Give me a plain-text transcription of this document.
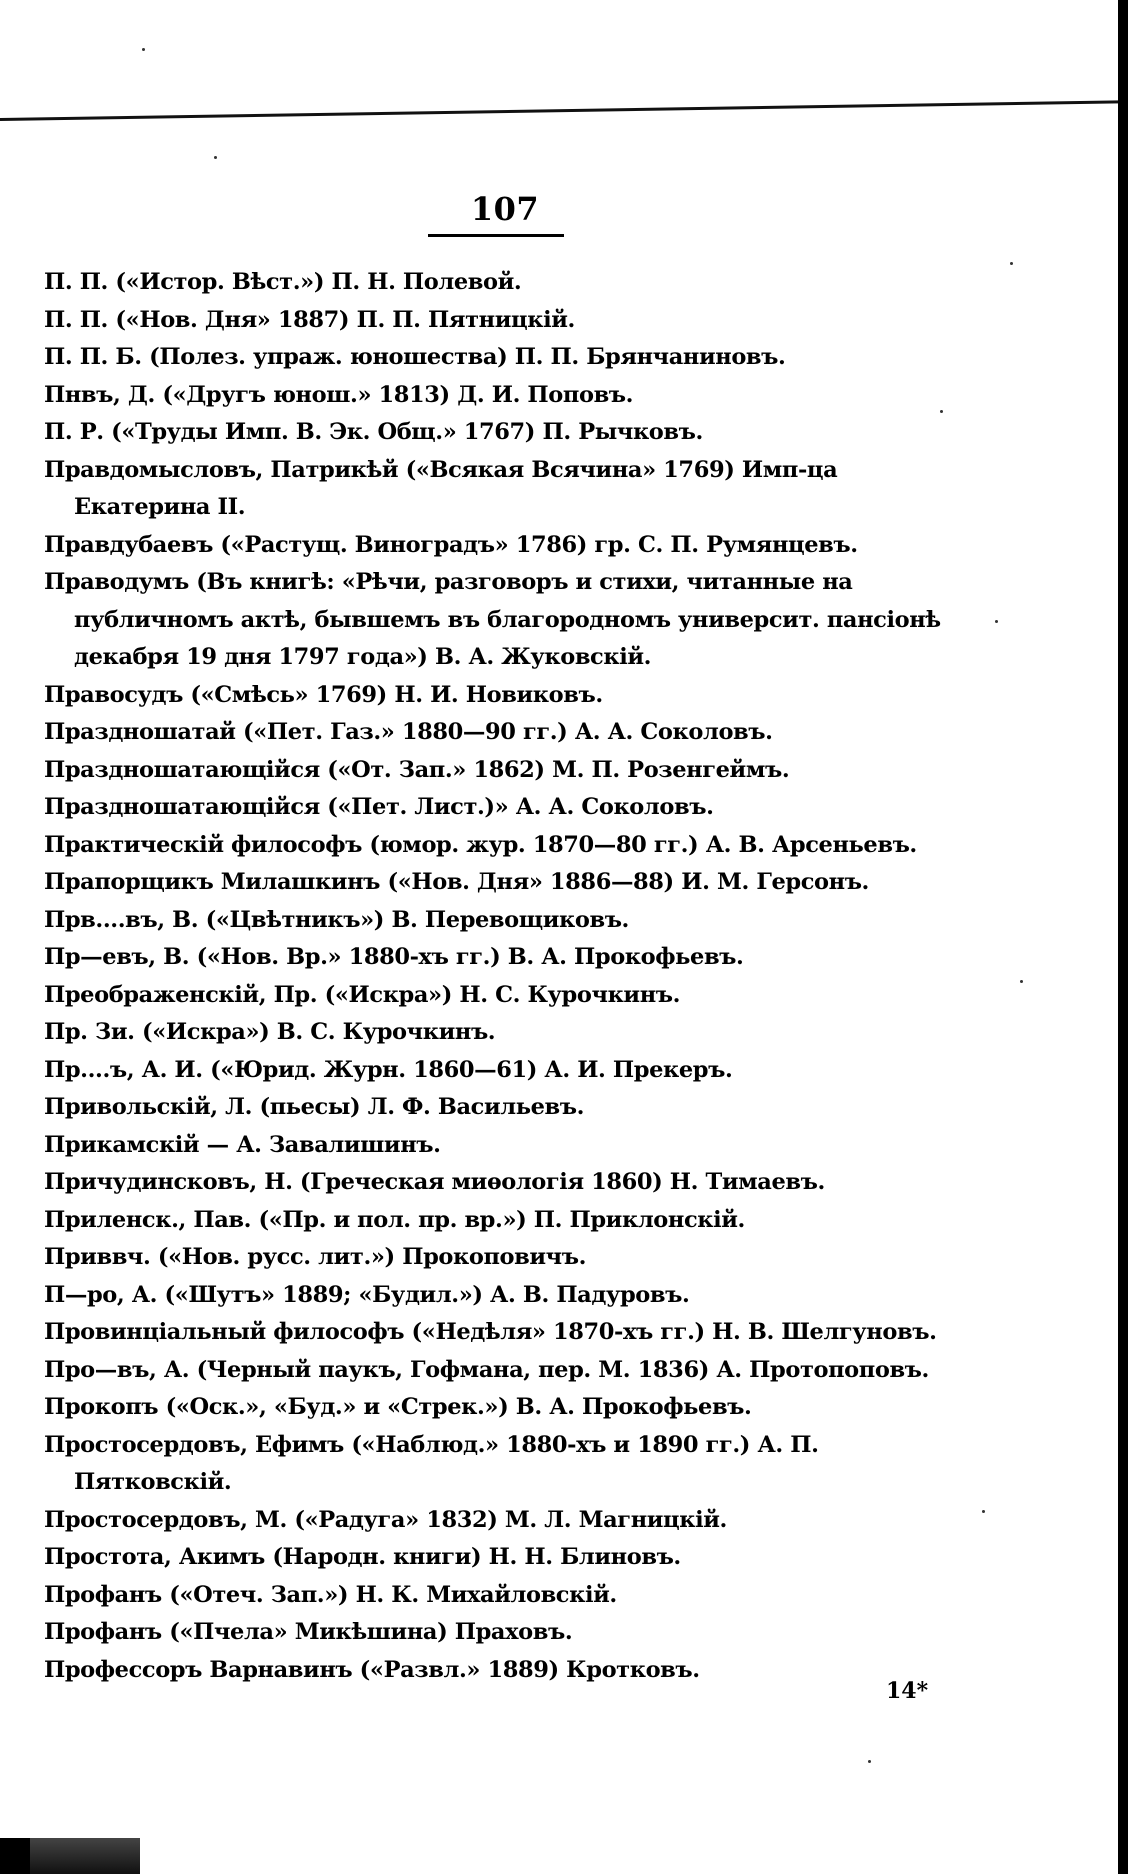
107
П. П. («Истор. Вѣст.») П. Н. Полевой.
П. П. («Нов. Дня» 1887) П. П. Пятницкій.
П. П. Б. (Полез. упраж. юношества) П. П. Брянчаниновъ.
Пнвъ, Д. («Другъ юнош.» 1813) Д. И. Поповъ.
П. Р. («Труды Имп. В. Эк. Общ.» 1767) П. Рычковъ.
Правдомысловъ, Патрикѣй («Всякая Всячина» 1769) Имп-ца Екатерина II.
Правдубаевъ («Растущ. Виноградъ» 1786) гр. С. П. Румянцевъ.
Праводумъ (Въ книгѣ: «Рѣчи, разговоръ и стихи, читанные на публичномъ актѣ, бывшемъ въ благородномъ университ. пансіонѣ декабря 19 дня 1797 года») В. А. Жуковскій.
Правосудъ («Смѣсь» 1769) Н. И. Новиковъ.
Праздношатай («Пет. Газ.» 1880—90 гг.) А. А. Соколовъ.
Праздношатающійся («От. Зап.» 1862) М. П. Розенгеймъ.
Праздношатающійся («Пет. Лист.)» А. А. Соколовъ.
Практическій философъ (юмор. жур. 1870—80 гг.) А. В. Арсеньевъ.
Прапорщикъ Милашкинъ («Нов. Дня» 1886—88) И. М. Герсонъ.
Прв....въ, В. («Цвѣтникъ») В. Перевощиковъ.
Пр—евъ, В. («Нов. Вр.» 1880-хъ гг.) В. А. Прокофьевъ.
Преображенскій, Пр. («Искра») Н. С. Курочкинъ.
Пр. Зи. («Искра») В. С. Курочкинъ.
Пр....ъ, А. И. («Юрид. Журн. 1860—61) А. И. Прекеръ.
Привольскій, Л. (пьесы) Л. Ф. Васильевъ.
Прикамскій — А. Завалишинъ.
Причудинсковъ, Н. (Греческая миѳологія 1860) Н. Тимаевъ.
Приленск., Пав. («Пр. и пол. пр. вр.») П. Приклонскій.
Приввч. («Нов. русс. лит.») Прокоповичъ.
П—ро, А. («Шутъ» 1889; «Будил.») А. В. Падуровъ.
Провинціальный философъ («Недѣля» 1870-хъ гг.) Н. В. Шелгуновъ.
Про—въ, А. (Черный паукъ, Гофмана, пер. М. 1836) А. Протопоповъ.
Прокопъ («Оск.», «Буд.» и «Стрек.») В. А. Прокофьевъ.
Простосердовъ, Ефимъ («Наблюд.» 1880-хъ и 1890 гг.) А. П. Пятковскій.
Простосердовъ, М. («Радуга» 1832) М. Л. Магницкій.
Простота, Акимъ (Народн. книги) Н. Н. Блиновъ.
Профанъ («Отеч. Зап.») Н. К. Михайловскій.
Профанъ («Пчела» Микѣшина) Праховъ.
Профессоръ Варнавинъ («Развл.» 1889) Кротковъ.
14*
